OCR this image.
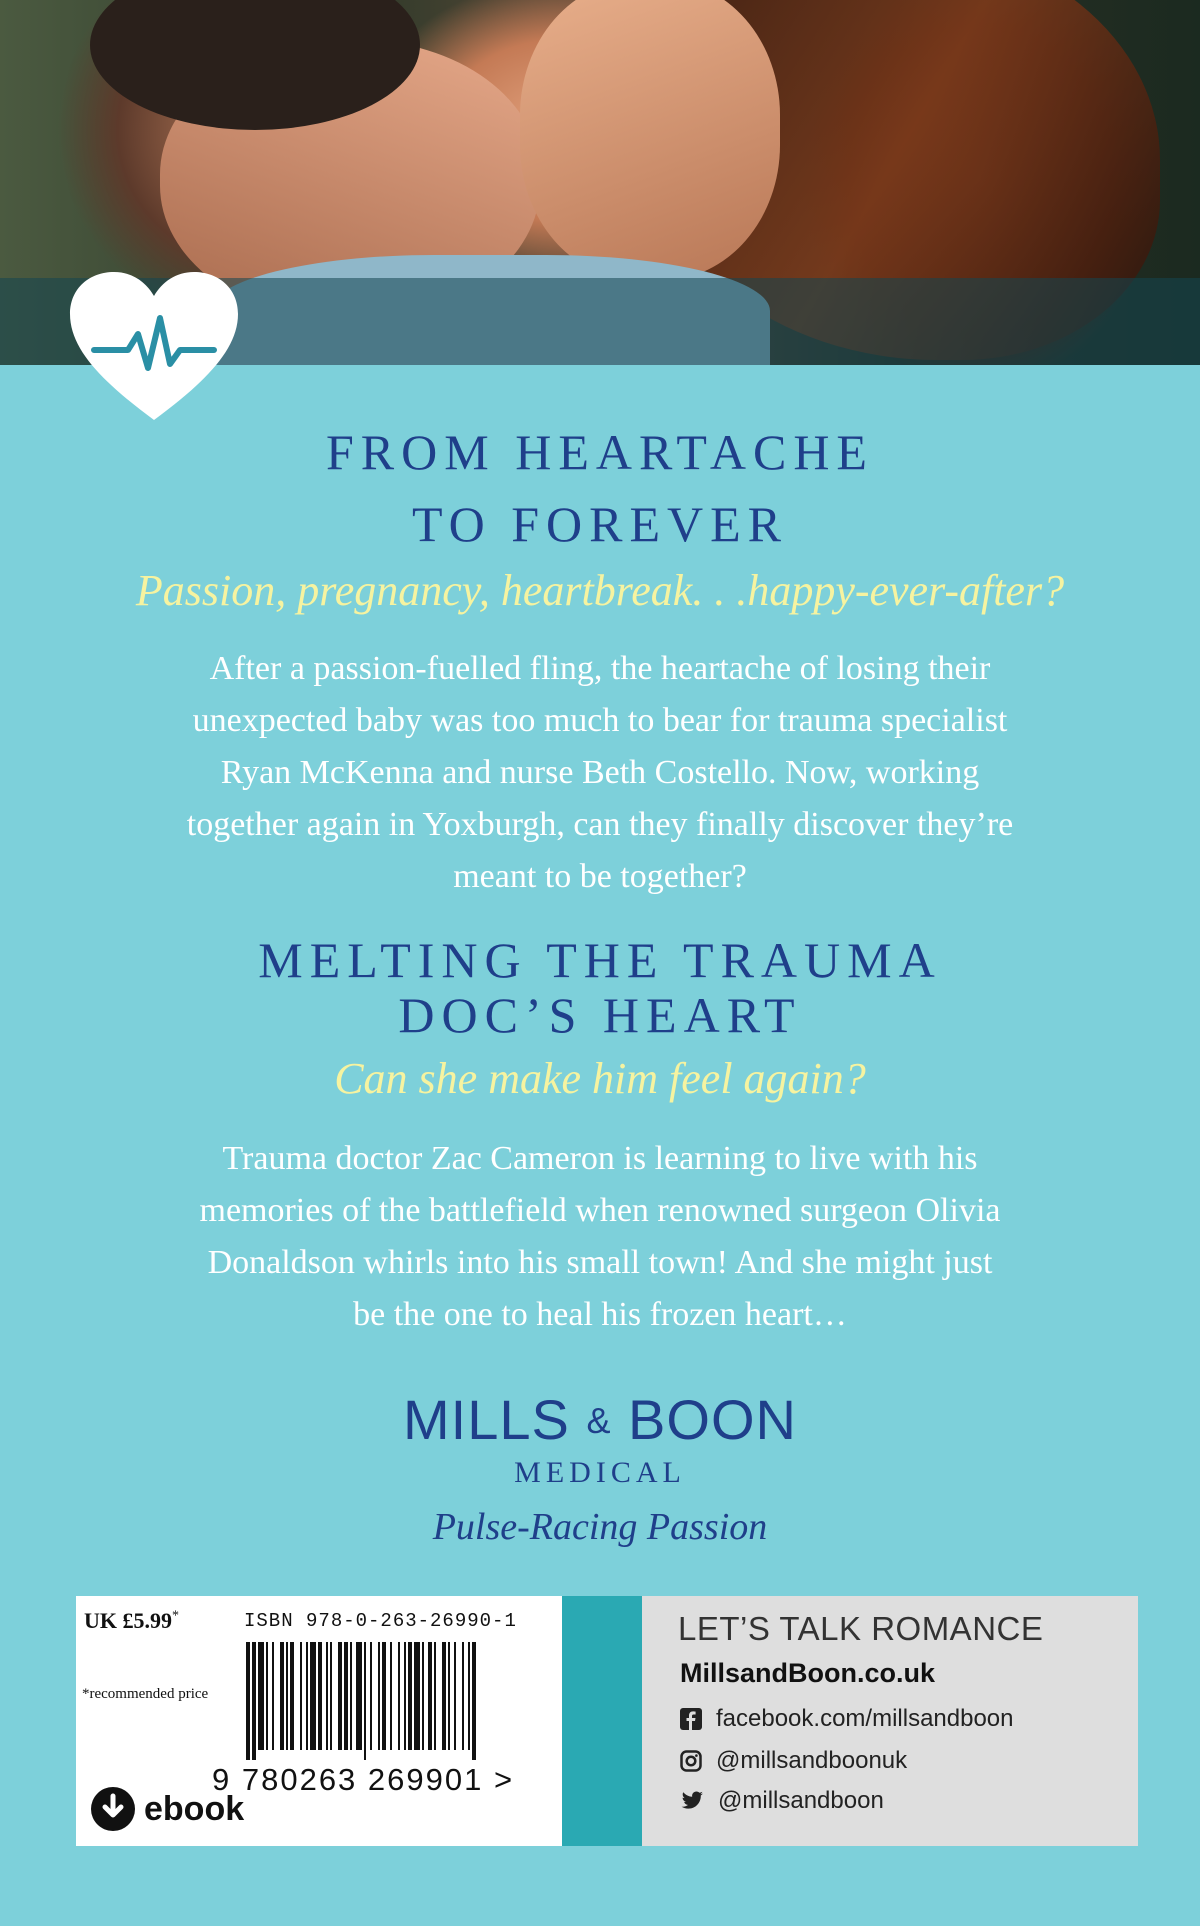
FROM HEARTACHE
TO FOREVER
Passion, pregnancy, heartbreak. . .happy-ever-after?
After a passion-fuelled fling, the heartache of losing their
unexpected baby was too much to bear for trauma specialist
Ryan McKenna and nurse Beth Costello. Now, working
together again in Yoxburgh, can they finally discover they’re
meant to be together?
MELTING THE TRAUMA
DOC’S HEART
Can she make him feel again?
Trauma doctor Zac Cameron is learning to live with his
memories of the battlefield when renowned surgeon Olivia
Donaldson whirls into his small town! And she might just
be the one to heal his frozen heart…
MILLS & BOON
MEDICAL
Pulse-Racing Passion
UK £5.99*	ISBN 978-0-263-26990-1
*recommended price
9 780263 269901 >
ebook
LET’S TALK ROMANCE
MillsandBoon.co.uk
facebook.com/millsandboon
@millsandboonuk
@millsandboon
